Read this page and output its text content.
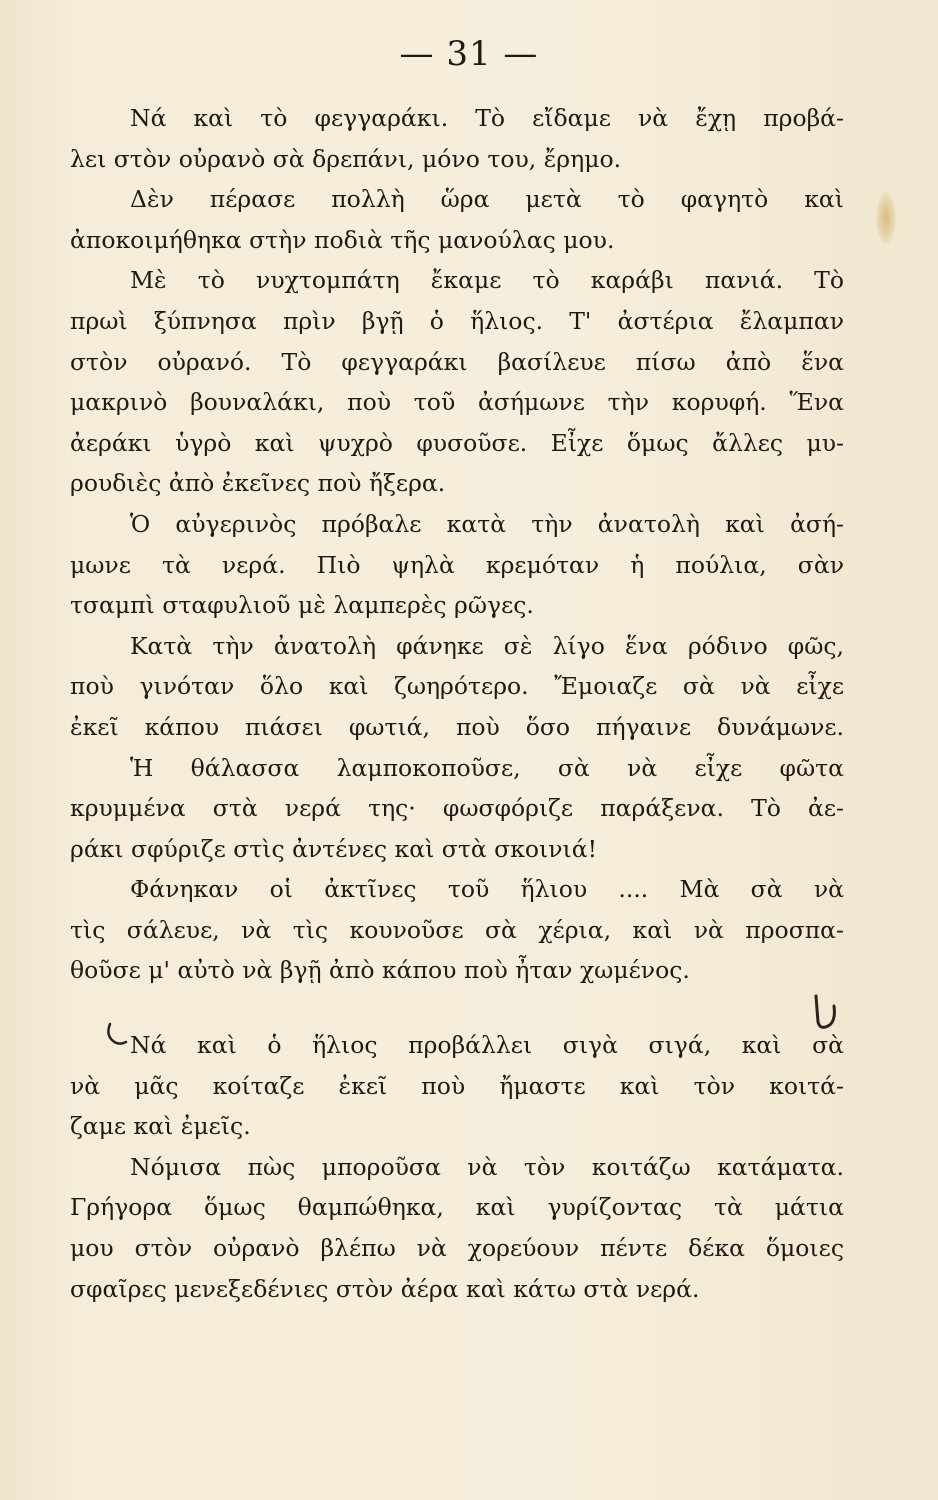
— 31 —
Νά καὶ τὸ φεγγαράκι. Τὸ εἴδαμε νὰ ἔχῃ προβά-
λει στὸν οὐρανὸ σὰ δρεπάνι, μόνο του, ἔρημο.
Δὲν πέρασε πολλὴ ὥρα μετὰ τὸ φαγητὸ καὶ
ἀποκοιμήθηκα στὴν ποδιὰ τῆς μανούλας μου.
Μὲ τὸ νυχτομπάτη ἔκαμε τὸ καράβι πανιά. Τὸ
πρωὶ ξύπνησα πρὶν βγῇ ὁ ἥλιος. Τ' ἀστέρια ἔλαμπαν
στὸν οὐρανό. Τὸ φεγγαράκι βασίλευε πίσω ἀπὸ ἕνα
μακρινὸ βουναλάκι, ποὺ τοῦ ἀσήμωνε τὴν κορυφή. Ἕνα
ἀεράκι ὑγρὸ καὶ ψυχρὸ φυσοῦσε. Εἶχε ὅμως ἄλλες μυ-
ρουδιὲς ἀπὸ ἐκεῖνες ποὺ ἤξερα.
Ὁ αὐγερινὸς πρόβαλε κατὰ τὴν ἀνατολὴ καὶ ἀσή-
μωνε τὰ νερά. Πιὸ ψηλὰ κρεμόταν ἡ πούλια, σὰν
τσαμπὶ σταφυλιοῦ μὲ λαμπερὲς ρῶγες.
Κατὰ τὴν ἀνατολὴ φάνηκε σὲ λίγο ἕνα ρόδινο φῶς,
ποὺ γινόταν ὅλο καὶ ζωηρότερο. Ἔμοιαζε σὰ νὰ εἶχε
ἐκεῖ κάπου πιάσει φωτιά, ποὺ ὅσο πήγαινε δυνάμωνε.
Ἡ θάλασσα λαμποκοποῦσε, σὰ νὰ εἶχε φῶτα
κρυμμένα στὰ νερά της· φωσφόριζε παράξενα. Τὸ ἀε-
ράκι σφύριζε στὶς ἀντένες καὶ στὰ σκοινιά!
Φάνηκαν οἱ ἀκτῖνες τοῦ ἥλιου .... Μὰ σὰ νὰ
τὶς σάλευε, νὰ τὶς κουνοῦσε σὰ χέρια, καὶ νὰ προσπα-
θοῦσε μ' αὐτὸ νὰ βγῇ ἀπὸ κάπου ποὺ ἦταν χωμένος.
Νά καὶ ὁ ἥλιος προβάλλει σιγὰ σιγά, καὶ σὰ
νὰ μᾶς κοίταζε ἐκεῖ ποὺ ἤμαστε καὶ τὸν κοιτά-
ζαμε καὶ ἐμεῖς.
Νόμισα πὼς μποροῦσα νὰ τὸν κοιτάζω κατάματα.
Γρήγορα ὅμως θαμπώθηκα, καὶ γυρίζοντας τὰ μάτια
μου στὸν οὐρανὸ βλέπω νὰ χορεύουν πέντε δέκα ὅμοιες
σφαῖρες μενεξεδένιες στὸν ἀέρα καὶ κάτω στὰ νερά.
